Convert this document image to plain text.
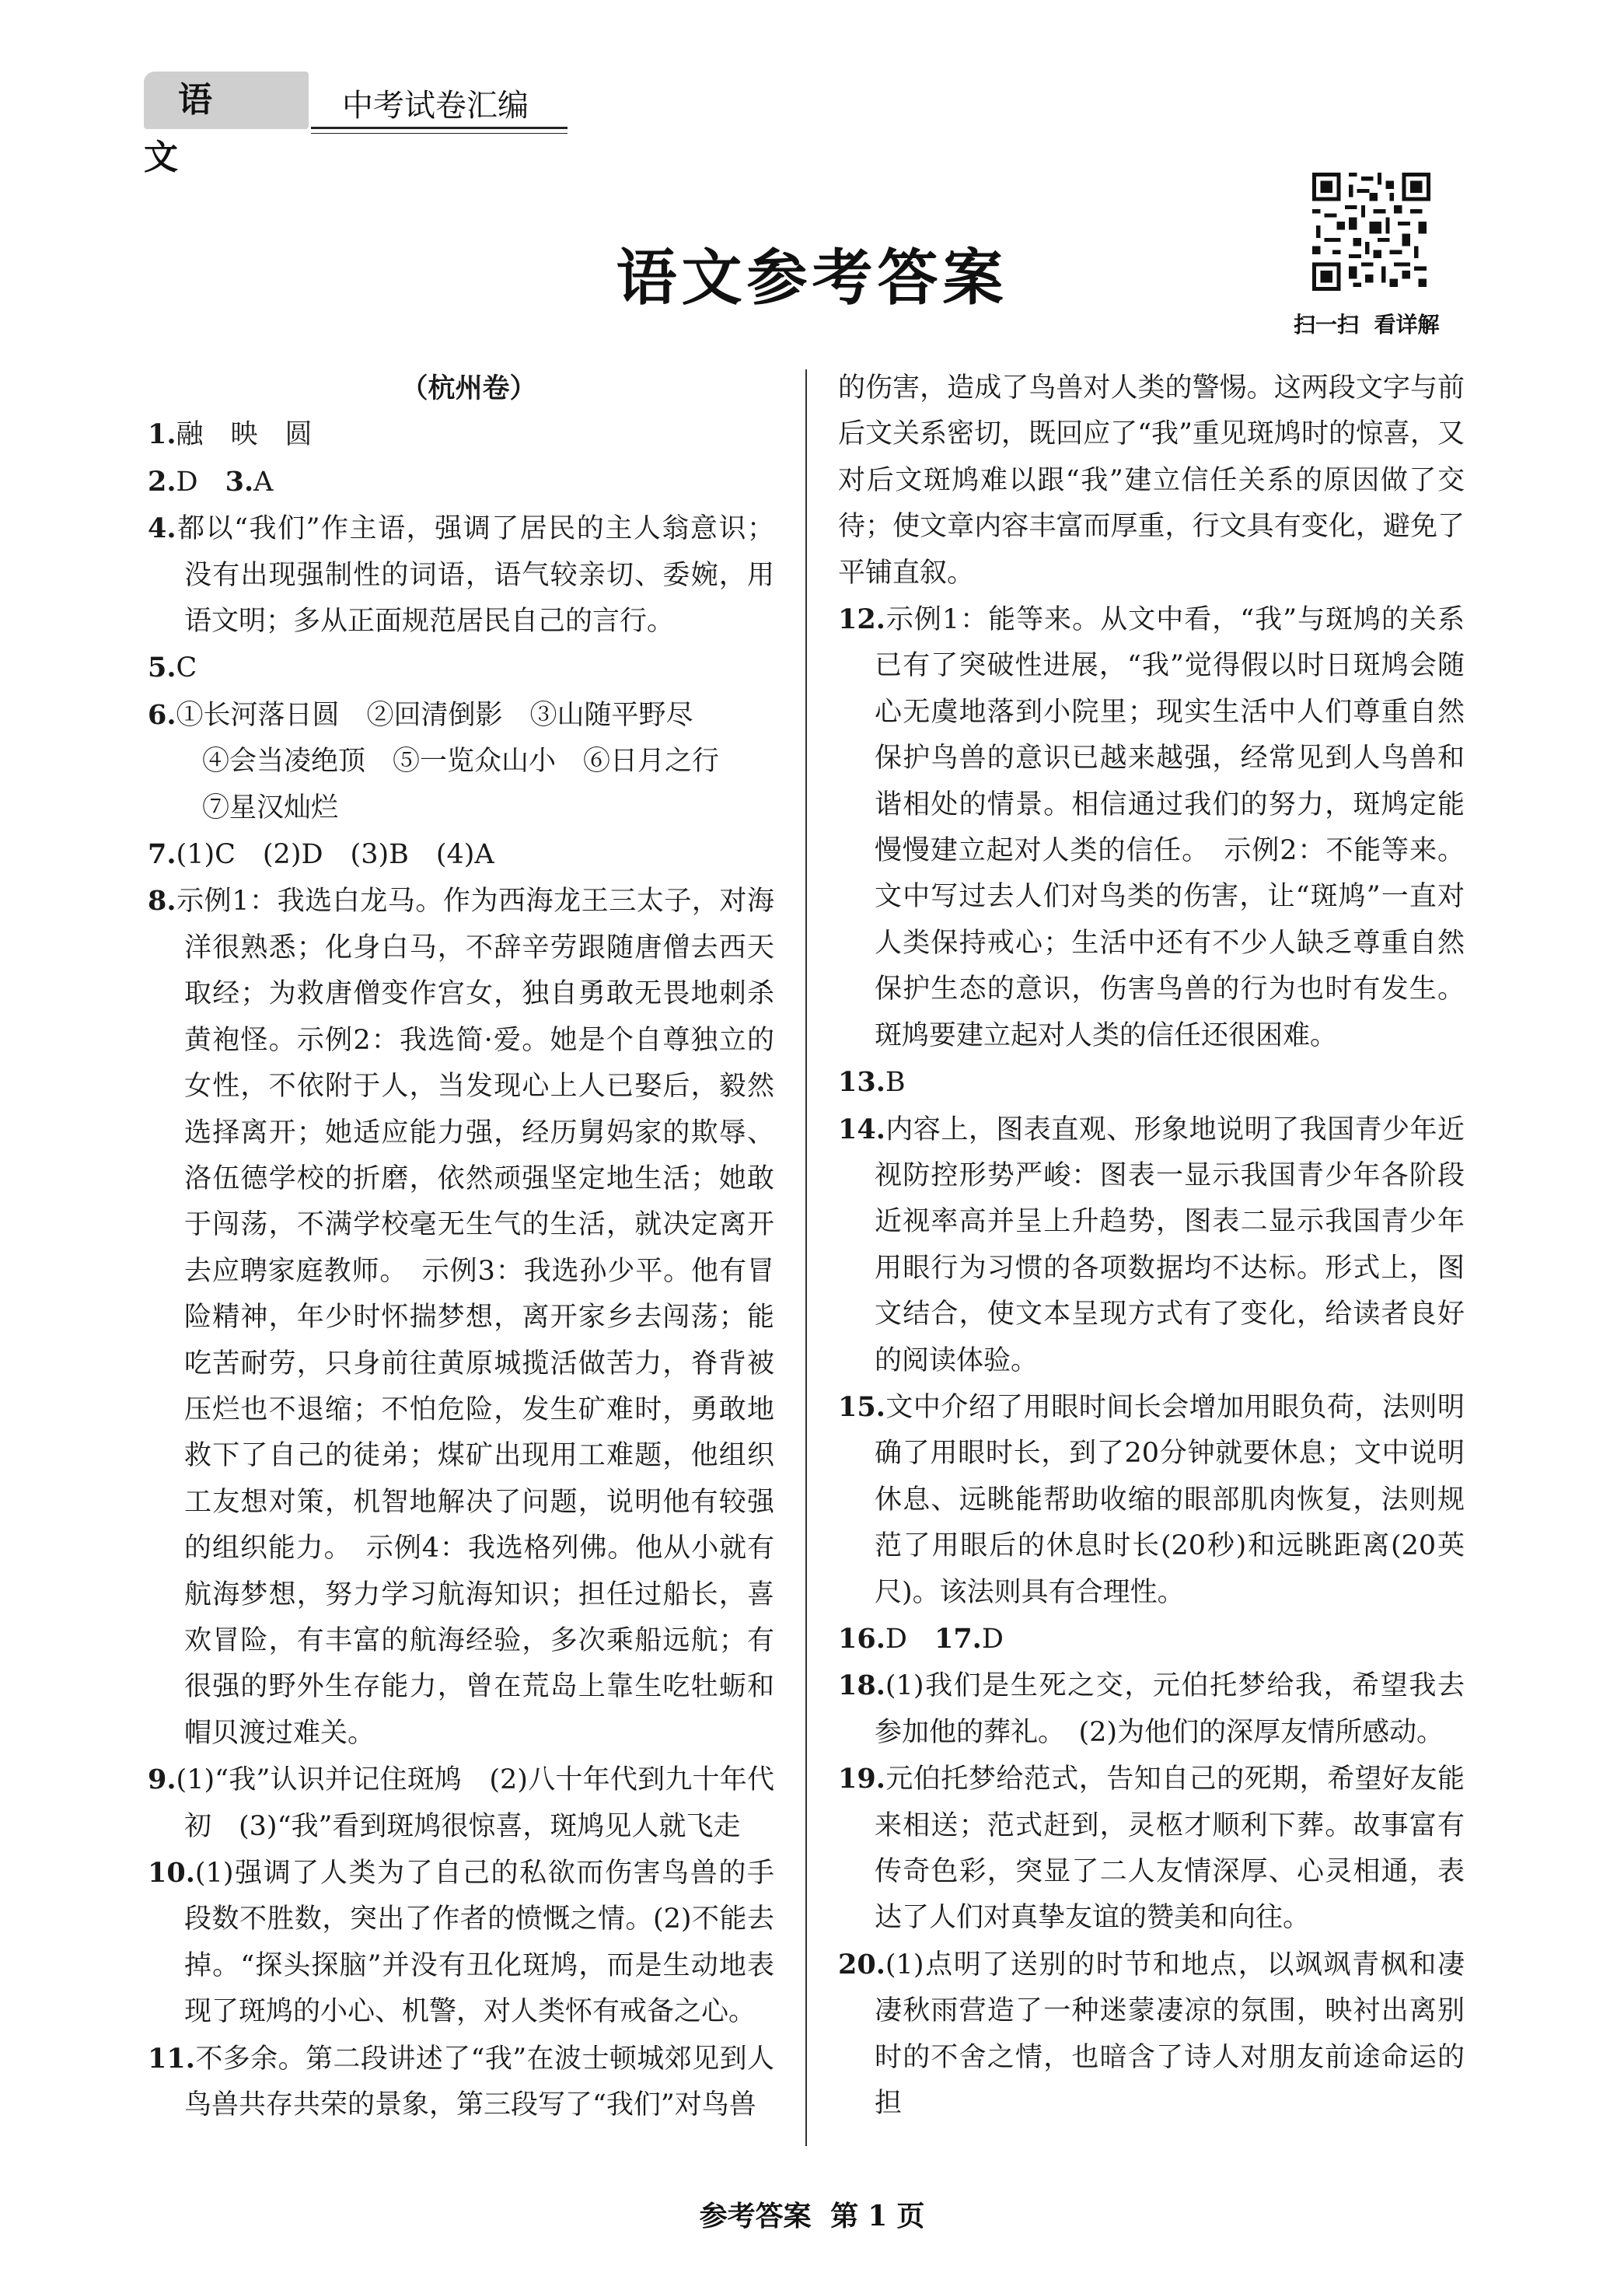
语文
中考试卷汇编
语文参考答案
扫一扫  看详解
（杭州卷）
1.融　映　圆
2.D　3.A
4.都以“我们”作主语，强调了居民的主人翁意识；没有出现强制性的词语，语气较亲切、委婉，用语文明；多从正面规范居民自己的言行。
5.C
6.①长河落日圆　②回清倒影　③山随平野尽
　　④会当凌绝顶　⑤一览众山小　⑥日月之行
　　⑦星汉灿烂
7.(1)C　(2)D　(3)B　(4)A
8.示例1：我选白龙马。作为西海龙王三太子，对海洋很熟悉；化身白马，不辞辛劳跟随唐僧去西天取经；为救唐僧变作宫女，独自勇敢无畏地刺杀黄袍怪。示例2：我选简·爱。她是个自尊独立的女性，不依附于人，当发现心上人已娶后，毅然选择离开；她适应能力强，经历舅妈家的欺辱、洛伍德学校的折磨，依然顽强坚定地生活；她敢于闯荡，不满学校毫无生气的生活，就决定离开去应聘家庭教师。　示例3：我选孙少平。他有冒险精神，年少时怀揣梦想，离开家乡去闯荡；能吃苦耐劳，只身前往黄原城揽活做苦力，脊背被压烂也不退缩；不怕危险，发生矿难时，勇敢地救下了自己的徒弟；煤矿出现用工难题，他组织工友想对策，机智地解决了问题，说明他有较强的组织能力。　示例4：我选格列佛。他从小就有航海梦想，努力学习航海知识；担任过船长，喜欢冒险，有丰富的航海经验，多次乘船远航；有很强的野外生存能力，曾在荒岛上靠生吃牡蛎和帽贝渡过难关。
9.(1)“我”认识并记住斑鸠　(2)八十年代到九十年代初　(3)“我”看到斑鸠很惊喜，斑鸠见人就飞走
10.(1)强调了人类为了自己的私欲而伤害鸟兽的手段数不胜数，突出了作者的愤慨之情。(2)不能去掉。“探头探脑”并没有丑化斑鸠，而是生动地表现了斑鸠的小心、机警，对人类怀有戒备之心。
11.不多余。第二段讲述了“我”在波士顿城郊见到人鸟兽共存共荣的景象，第三段写了“我们”对鸟兽
的伤害，造成了鸟兽对人类的警惕。这两段文字与前后文关系密切，既回应了“我”重见斑鸠时的惊喜，又对后文斑鸠难以跟“我”建立信任关系的原因做了交待；使文章内容丰富而厚重，行文具有变化，避免了平铺直叙。
12.示例1：能等来。从文中看，“我”与斑鸠的关系已有了突破性进展，“我”觉得假以时日斑鸠会随心无虞地落到小院里；现实生活中人们尊重自然保护鸟兽的意识已越来越强，经常见到人鸟兽和谐相处的情景。相信通过我们的努力，斑鸠定能慢慢建立起对人类的信任。　示例2：不能等来。文中写过去人们对鸟类的伤害，让“斑鸠”一直对人类保持戒心；生活中还有不少人缺乏尊重自然保护生态的意识，伤害鸟兽的行为也时有发生。斑鸠要建立起对人类的信任还很困难。
13.B
14.内容上，图表直观、形象地说明了我国青少年近视防控形势严峻：图表一显示我国青少年各阶段近视率高并呈上升趋势，图表二显示我国青少年用眼行为习惯的各项数据均不达标。形式上，图文结合，使文本呈现方式有了变化，给读者良好的阅读体验。
15.文中介绍了用眼时间长会增加用眼负荷，法则明确了用眼时长，到了20分钟就要休息；文中说明休息、远眺能帮助收缩的眼部肌肉恢复，法则规范了用眼后的休息时长(20秒)和远眺距离(20英尺)。该法则具有合理性。
16.D　17.D
18.(1)我们是生死之交，元伯托梦给我，希望我去参加他的葬礼。　(2)为他们的深厚友情所感动。
19.元伯托梦给范式，告知自己的死期，希望好友能来相送；范式赶到，灵柩才顺利下葬。故事富有传奇色彩，突显了二人友情深厚、心灵相通，表达了人们对真挚友谊的赞美和向往。
20.(1)点明了送别的时节和地点，以飒飒青枫和凄凄秋雨营造了一种迷蒙凄凉的氛围，映衬出离别时的不舍之情，也暗含了诗人对朋友前途命运的担
参考答案 第 1 页
